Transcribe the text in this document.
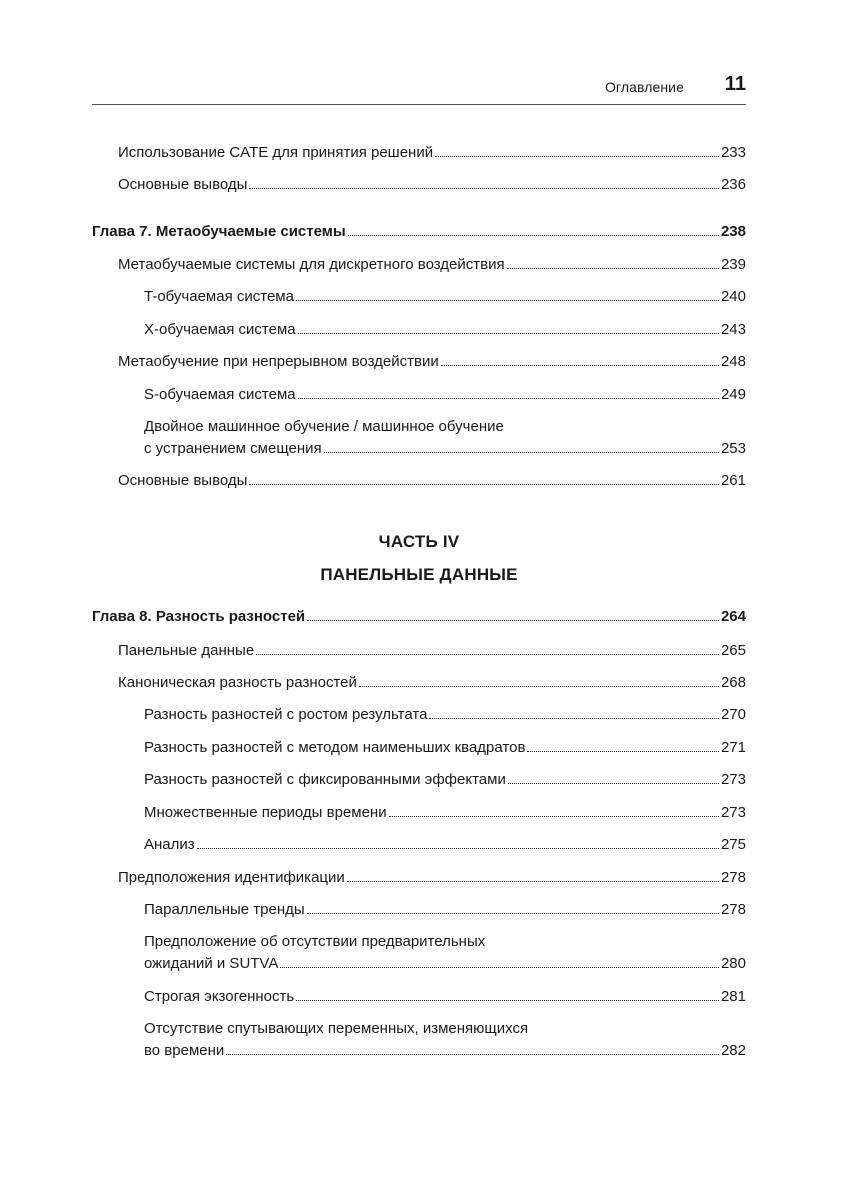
Оглавление 11
Использование CATE для принятия решений	233
Основные выводы	236
Глава 7. Метаобучаемые системы	238
Метаобучаемые системы для дискретного воздействия	239
T-обучаемая система	240
X-обучаемая система	243
Метаобучение при непрерывном воздействии	248
S-обучаемая система	249
Двойное машинное обучение / машинное обучение
с устранением смещения	253
Основные выводы	261
ЧАСТЬ IV
ПАНЕЛЬНЫЕ ДАННЫЕ
Глава 8. Разность разностей	264
Панельные данные	265
Каноническая разность разностей	268
Разность разностей с ростом результата	270
Разность разностей с методом наименьших квадратов	271
Разность разностей с фиксированными эффектами	273
Множественные периоды времени	273
Анализ	275
Предположения идентификации	278
Параллельные тренды	278
Предположение об отсутствии предварительных
ожиданий и SUTVA	280
Строгая экзогенность	281
Отсутствие спутывающих переменных, изменяющихся
во времени	282
